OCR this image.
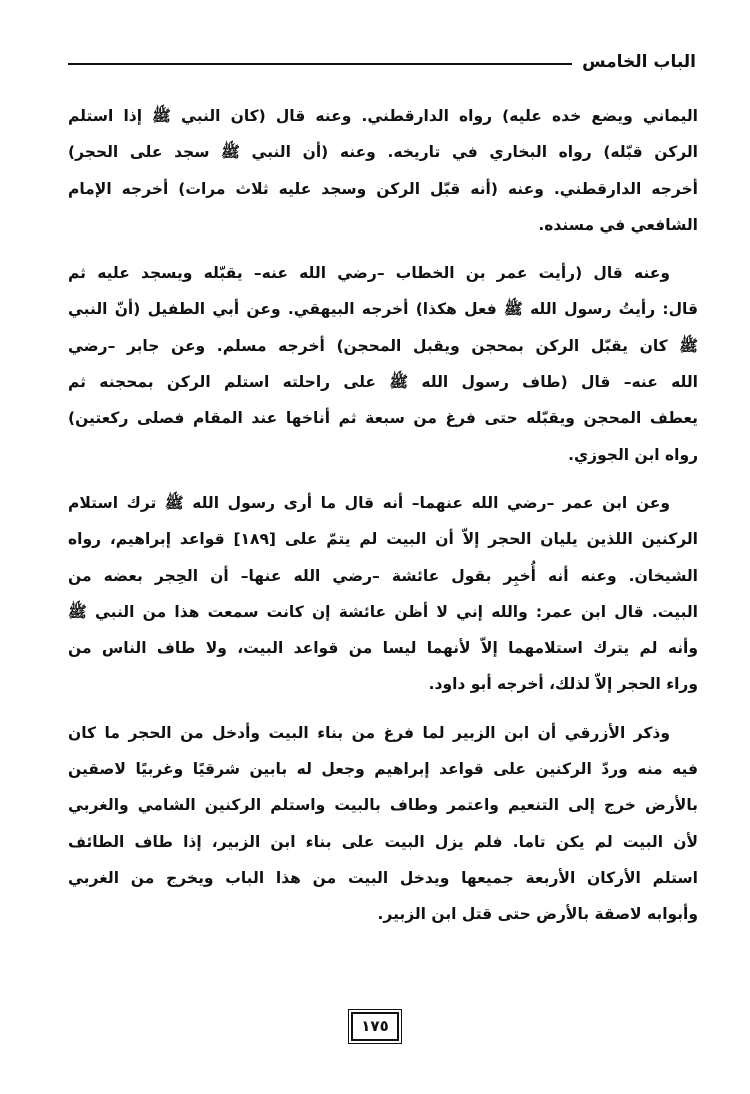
الباب الخامس
اليماني ويضع خده عليه) رواه الدارقطني. وعنه قال (كان النبي ﷺ إذا استلم
الركن قبّله) رواه البخاري في تاريخه. وعنه (أن النبي ﷺ سجد على الحجر)
أخرجه الدارقطني. وعنه (أنه قبّل الركن وسجد عليه ثلاث مرات) أخرجه الإمام
الشافعي في مسنده.
وعنه قال (رأيت عمر بن الخطاب –رضي الله عنه– يقبّله ويسجد عليه ثم
قال: رأيتُ رسول الله ﷺ فعل هكذا) أخرجه البيهقي. وعن أبي الطفيل (أنّ النبي
ﷺ كان يقبّل الركن بمحجن ويقبل المحجن) أخرجه مسلم. وعن جابر –رضي
الله عنه– قال (طاف رسول الله ﷺ على راحلته استلم الركن بمحجنه ثم
يعطف المحجن ويقبّله حتى فرغ من سبعة ثم أناخها عند المقام فصلى ركعتين)
رواه ابن الجوزي.
وعن ابن عمر –رضي الله عنهما– أنه قال ما أرى رسول الله ﷺ ترك استلام
الركنين اللذين يليان الحجر إلاّ أن البيت لم يتمّ على [١٨٩] قواعد إبراهيم، رواه
الشيخان. وعنه أنه أُخبِر بقول عائشة –رضي الله عنها– أن الحِجر بعضه من
البيت. قال ابن عمر: والله إني لا أظن عائشة إن كانت سمعت هذا من النبي ﷺ
وأنه لم يترك استلامهما إلاّ لأنهما ليسا من قواعد البيت، ولا طاف الناس من
وراء الحجر إلاّ لذلك، أخرجه أبو داود.
وذكر الأزرقي أن ابن الزبير لما فرغ من بناء البيت وأدخل من الحجر ما كان
فيه منه وردّ الركنين على قواعد إبراهيم وجعل له بابين شرقيًا وغربيًا لاصقين
بالأرض خرج إلى التنعيم واعتمر وطاف بالبيت واستلم الركنين الشامي والغربي
لأن البيت لم يكن تاما. فلم يزل البيت على بناء ابن الزبير، إذا طاف الطائف
استلم الأركان الأربعة جميعها ويدخل البيت من هذا الباب ويخرج من الغربي
وأبوابه لاصقة بالأرض حتى قتل ابن الزبير.
١٧٥
